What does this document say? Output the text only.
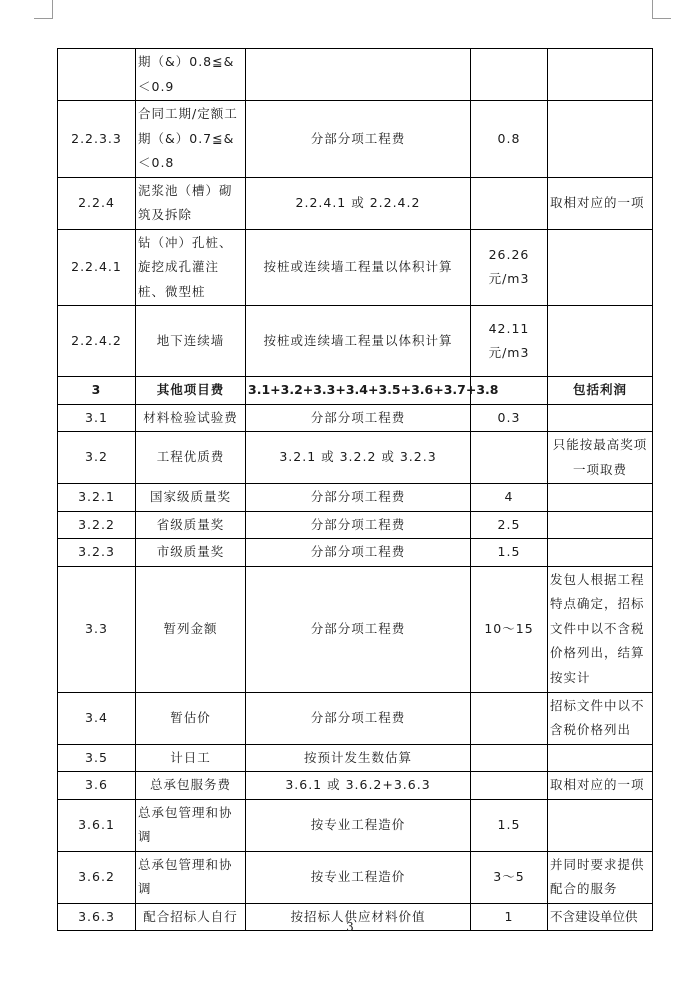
	期（&）0.8≦&＜0.9			
2.2.3.3	合同工期/定额工期（&）0.7≦&＜0.8	分部分项工程费	0.8	
2.2.4	泥浆池（槽）砌筑及拆除	2.2.4.1 或 2.2.4.2		取相对应的一项
2.2.4.1	钻（冲）孔桩、旋挖成孔灌注桩、微型桩	按桩或连续墙工程量以体积计算	26.26 元/m3	
2.2.4.2	地下连续墙	按桩或连续墙工程量以体积计算	42.11 元/m3	
3	其他项目费	3.1+3.2+3.3+3.4+3.5+3.6+3.7+3.8		包括利润
3.1	材料检验试验费	分部分项工程费	0.3	
3.2	工程优质费	3.2.1 或 3.2.2 或 3.2.3		只能按最高奖项一项取费
3.2.1	国家级质量奖	分部分项工程费	4	
3.2.2	省级质量奖	分部分项工程费	2.5	
3.2.3	市级质量奖	分部分项工程费	1.5	
3.3	暂列金额	分部分项工程费	10～15	发包人根据工程特点确定，招标文件中以不含税价格列出，结算按实计
3.4	暂估价	分部分项工程费		招标文件中以不含税价格列出
3.5	计日工	按预计发生数估算		
3.6	总承包服务费	3.6.1 或 3.6.2+3.6.3		取相对应的一项
3.6.1	总承包管理和协调	按专业工程造价	1.5	
3.6.2	总承包管理和协调	按专业工程造价	3～5	并同时要求提供配合的服务
3.6.3	配合招标人自行	按招标人供应材料价值	1	不含建设单位供
3
